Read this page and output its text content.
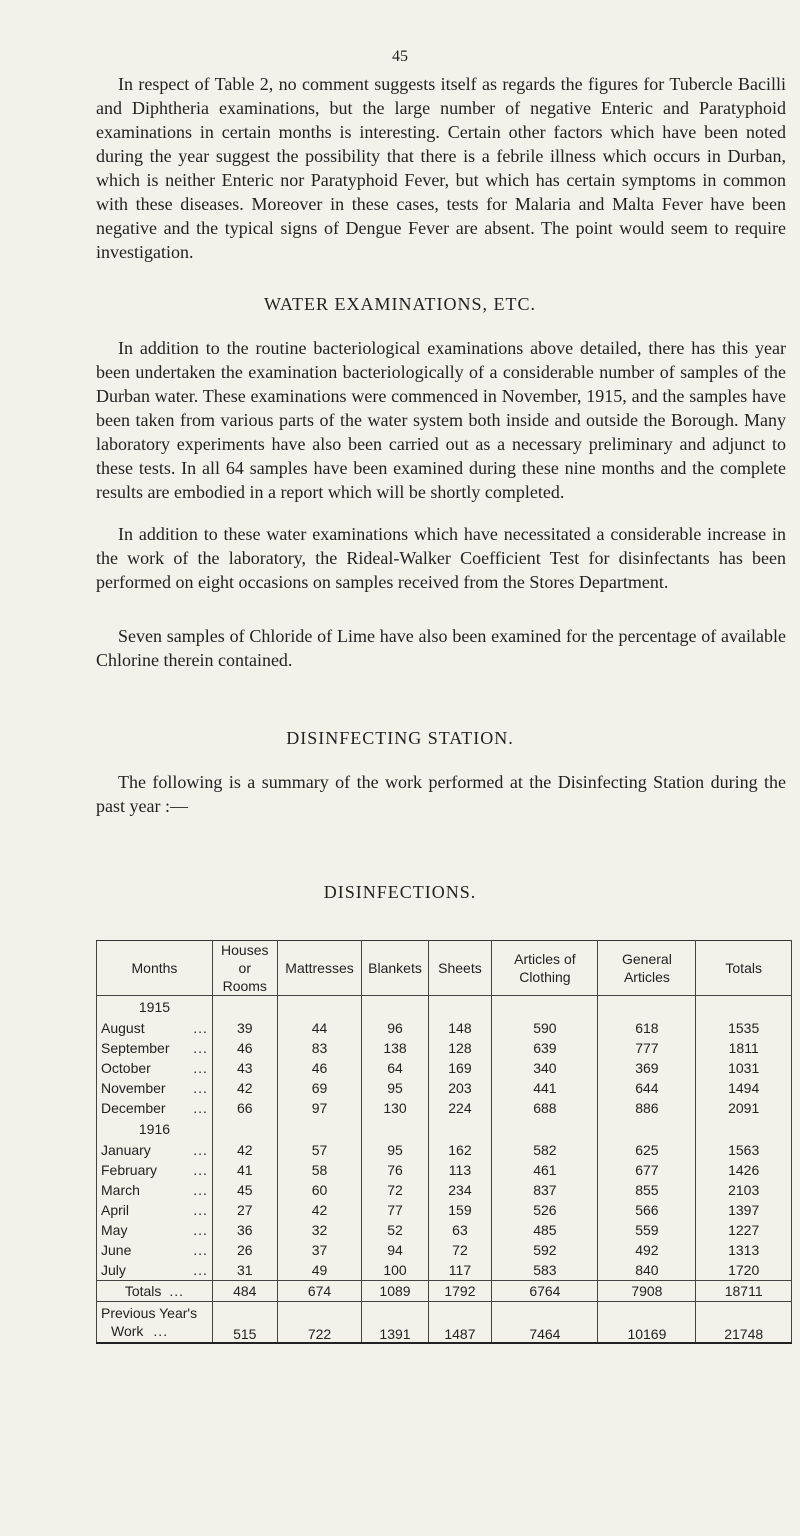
45

In respect of Table 2, no comment suggests itself as regards the figures for Tubercle Bacilli and Diphtheria examinations, but the large number of negative Enteric and Paratyphoid examinations in certain months is interesting. Certain other factors which have been noted during the year suggest the possibility that there is a febrile illness which occurs in Durban, which is neither Enteric nor Paratyphoid Fever, but which has certain symptoms in common with these diseases. Moreover in these cases, tests for Malaria and Malta Fever have been negative and the typical signs of Dengue Fever are absent. The point would seem to require investigation.

WATER EXAMINATIONS, ETC.

In addition to the routine bacteriological examinations above detailed, there has this year been undertaken the examination bacteriologically of a considerable number of samples of the Durban water. These examinations were commenced in November, 1915, and the samples have been taken from various parts of the water system both inside and outside the Borough. Many laboratory experiments have also been carried out as a necessary preliminary and adjunct to these tests. In all 64 samples have been examined during these nine months and the complete results are embodied in a report which will be shortly completed.

In addition to these water examinations which have necessitated a considerable increase in the work of the laboratory, the Rideal-Walker Coefficient Test for disinfectants has been performed on eight occasions on samples received from the Stores Department.

Seven samples of Chloride of Lime have also been examined for the percentage of available Chlorine therein contained.

DISINFECTING STATION.

The following is a summary of the work performed at the Disinfecting Station during the past year :—

DISINFECTIONS.
Months	Houses or Rooms	Mattresses	Blankets	Sheets	Articles of Clothing	General Articles	Totals
1915							
August ...	39	44	96	148	590	618	1535
September ...	46	83	138	128	639	777	1811
October ...	43	46	64	169	340	369	1031
November ...	42	69	95	203	441	644	1494
December ...	66	97	130	224	688	886	2091
1916							
January ...	42	57	95	162	582	625	1563
February ...	41	58	76	113	461	677	1426
March ...	45	60	72	234	837	855	2103
April ...	27	42	77	159	526	566	1397
May ...	36	32	52	63	485	559	1227
June ...	26	37	94	72	592	492	1313
July ...	31	49	100	117	583	840	1720
Totals ...	484	674	1089	1792	6764	7908	18711

Previous Year's
Work ...	515	722	1391	1487	7464	10169	21748
